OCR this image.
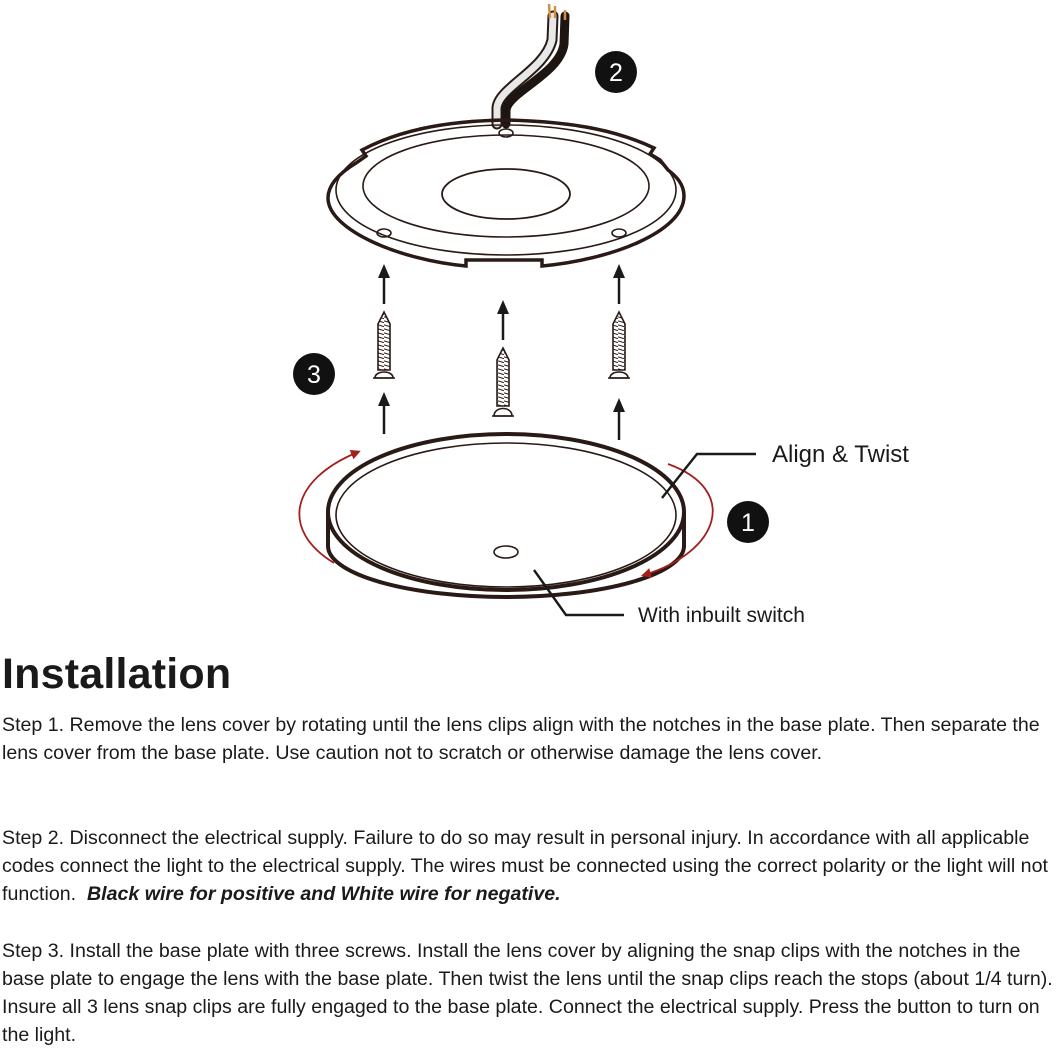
Align & Twist
With inbuilt switch
2
3
1
Installation

Step 1. Remove the lens cover by rotating until the lens clips align with the notches in the base plate. Then separate the lens cover from the base plate. Use caution not to scratch or otherwise damage the lens cover.

Step 2. Disconnect the electrical supply. Failure to do so may result in personal injury. In accordance with all applicable codes connect the light to the electrical supply. The wires must be connected using the correct polarity or the light will not function. Black wire for positive and White wire for negative.

Step 3. Install the base plate with three screws. Install the lens cover by aligning the snap clips with the notches in the base plate to engage the lens with the base plate. Then twist the lens until the snap clips reach the stops (about 1/4 turn). Insure all 3 lens snap clips are fully engaged to the base plate. Connect the electrical supply. Press the button to turn on the light.
